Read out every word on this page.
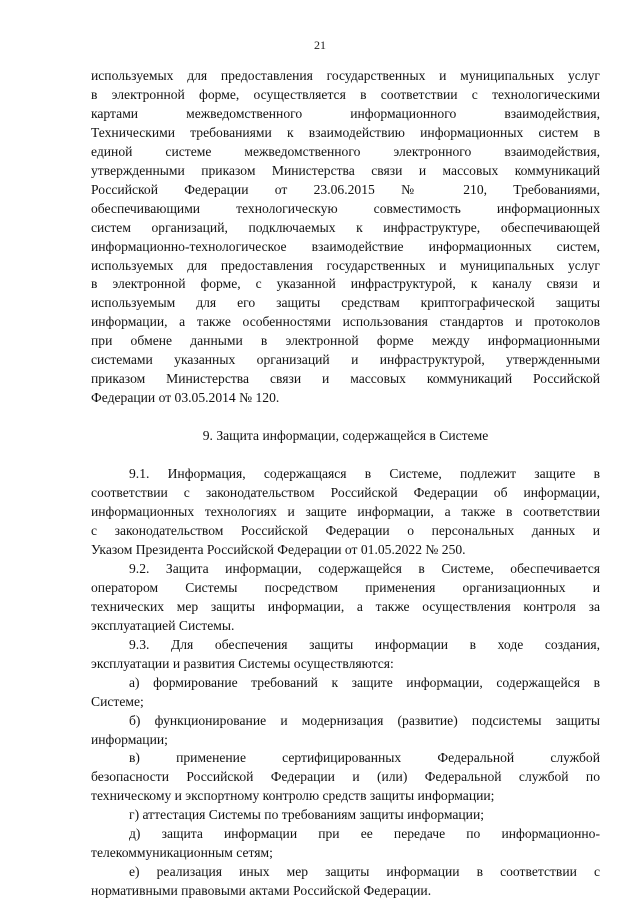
21

используемых для предоставления государственных и муниципальных услуг

в электронной форме, осуществляется в соответствии с технологическими

картами межведомственного информационного взаимодействия,

Техническими требованиями к взаимодействию информационных систем в

единой системе межведомственного электронного взаимодействия,

утвержденными приказом Министерства связи и массовых коммуникаций

Российской Федерации от 23.06.2015 № 210, Требованиями,

обеспечивающими технологическую совместимость информационных

систем организаций, подключаемых к инфраструктуре, обеспечивающей

информационно-технологическое взаимодействие информационных систем,

используемых для предоставления государственных и муниципальных услуг

в электронной форме, с указанной инфраструктурой, к каналу связи и

используемым для его защиты средствам криптографической защиты

информации, а также особенностями использования стандартов и протоколов

при обмене данными в электронной форме между информационными

системами указанных организаций и инфраструктурой, утвержденными

приказом Министерства связи и массовых коммуникаций Российской

Федерации от 03.05.2014 № 120.

9. Защита информации, содержащейся в Системе

9.1. Информация, содержащаяся в Системе, подлежит защите в

соответствии с законодательством Российской Федерации об информации,

информационных технологиях и защите информации, а также в соответствии

с законодательством Российской Федерации о персональных данных и

Указом Президента Российской Федерации от 01.05.2022 № 250.

9.2. Защита информации, содержащейся в Системе, обеспечивается

оператором Системы посредством применения организационных и

технических мер защиты информации, а также осуществления контроля за

эксплуатацией Системы.

9.3. Для обеспечения защиты информации в ходе создания,

эксплуатации и развития Системы осуществляются:

а) формирование требований к защите информации, содержащейся в

Системе;

б) функционирование и модернизация (развитие) подсистемы защиты

информации;

в) применение сертифицированных Федеральной службой

безопасности Российской Федерации и (или) Федеральной службой по

техническому и экспортному контролю средств защиты информации;

г) аттестация Системы по требованиям защиты информации;

д) защита информации при ее передаче по информационно-

телекоммуникационным сетям;

е) реализация иных мер защиты информации в соответствии с

нормативными правовыми актами Российской Федерации.
